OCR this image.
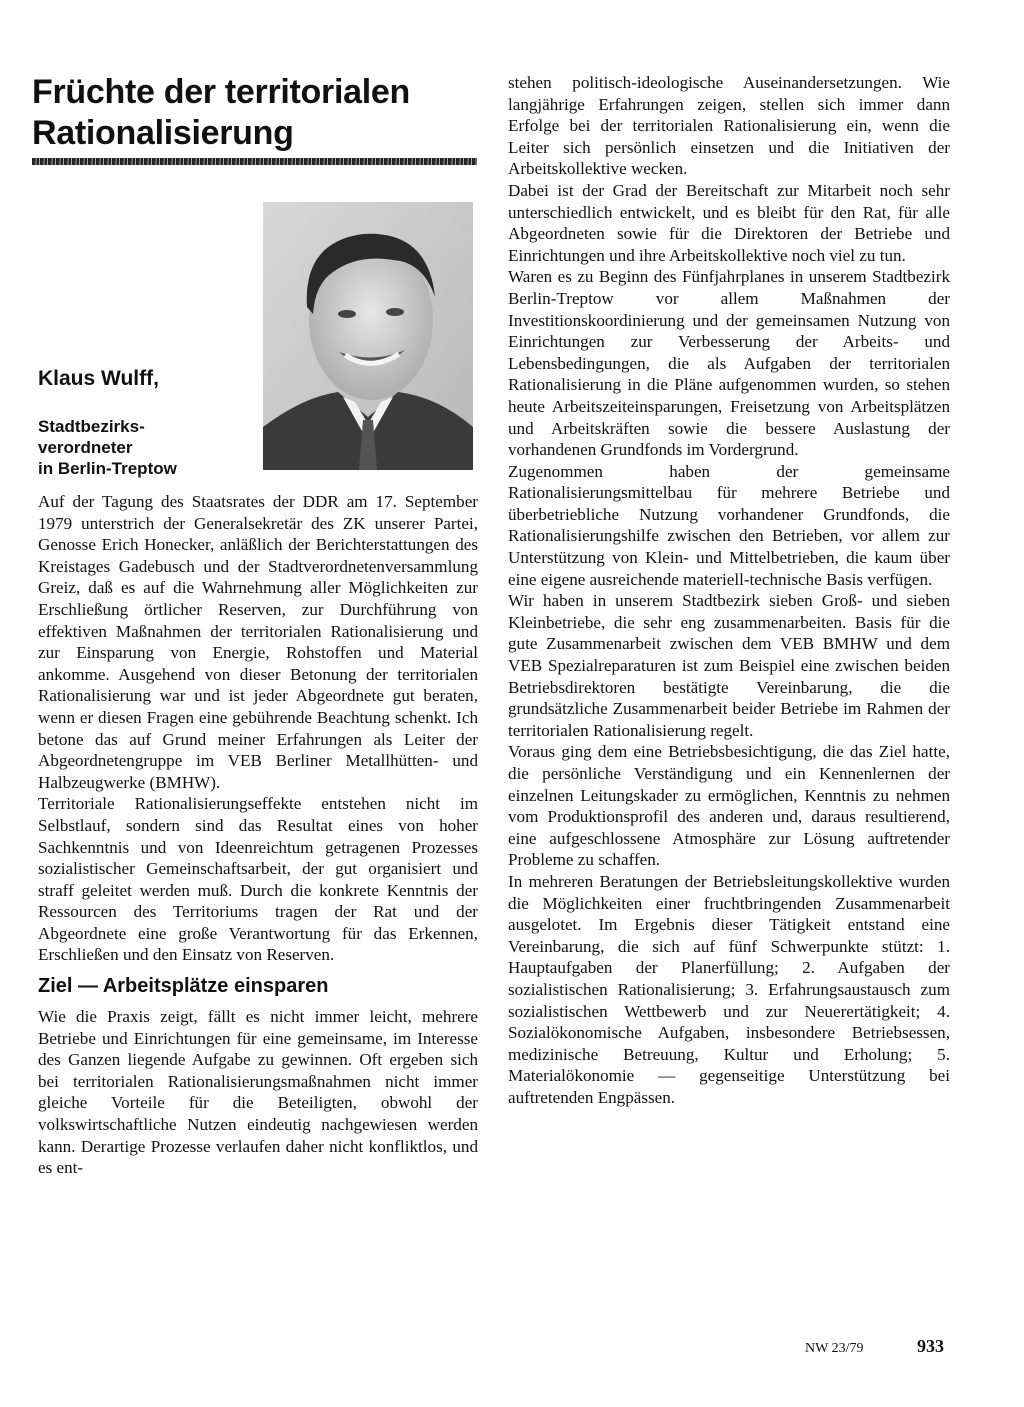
Früchte der territorialen
Rationalisierung

Klaus Wulff,

Stadtbezirks-
verordneter
in Berlin-Treptow

Auf der Tagung des Staatsrates der DDR am 17. September 1979 unterstrich der Generalsekretär des ZK unserer Partei, Genosse Erich Honecker, anläßlich der Berichterstattungen des Kreistages Gadebusch und der Stadtverordnetenversammlung Greiz, daß es auf die Wahrnehmung aller Möglichkeiten zur Erschließung örtlicher Reserven, zur Durchführung von effektiven Maßnahmen der territorialen Rationalisierung und zur Einsparung von Energie, Rohstoffen und Material ankomme. Ausgehend von dieser Betonung der territorialen Rationalisierung war und ist jeder Abgeordnete gut beraten, wenn er diesen Fragen eine gebührende Beachtung schenkt. Ich betone das auf Grund meiner Erfahrungen als Leiter der Abgeordnetengruppe im VEB Berliner Metallhütten- und Halbzeugwerke (BMHW).

Territoriale Rationalisierungseffekte entstehen nicht im Selbstlauf, sondern sind das Resultat eines von hoher Sachkenntnis und von Ideenreichtum getragenen Prozesses sozialistischer Gemeinschaftsarbeit, der gut organisiert und straff geleitet werden muß. Durch die konkrete Kenntnis der Ressourcen des Territoriums tragen der Rat und der Abgeordnete eine große Verantwortung für das Erkennen, Erschließen und den Einsatz von Reserven.

Ziel — Arbeitsplätze einsparen

Wie die Praxis zeigt, fällt es nicht immer leicht, mehrere Betriebe und Einrichtungen für eine gemeinsame, im Interesse des Ganzen liegende Aufgabe zu gewinnen. Oft ergeben sich bei territorialen Rationalisierungsmaßnahmen nicht immer gleiche Vorteile für die Beteiligten, obwohl der volkswirtschaftliche Nutzen eindeutig nachgewiesen werden kann. Derartige Prozesse verlaufen daher nicht konfliktlos, und es ent-

stehen politisch-ideologische Auseinandersetzungen. Wie langjährige Erfahrungen zeigen, stellen sich immer dann Erfolge bei der territorialen Rationalisierung ein, wenn die Leiter sich persönlich einsetzen und die Initiativen der Arbeitskollektive wecken.

Dabei ist der Grad der Bereitschaft zur Mitarbeit noch sehr unterschiedlich entwickelt, und es bleibt für den Rat, für alle Abgeordneten sowie für die Direktoren der Betriebe und Einrichtungen und ihre Arbeitskollektive noch viel zu tun.

Waren es zu Beginn des Fünfjahrplanes in unserem Stadtbezirk Berlin-Treptow vor allem Maßnahmen der Investitionskoordinierung und der gemeinsamen Nutzung von Einrichtungen zur Verbesserung der Arbeits- und Lebensbedingungen, die als Aufgaben der territorialen Rationalisierung in die Pläne aufgenommen wurden, so stehen heute Arbeitszeiteinsparungen, Freisetzung von Arbeitsplätzen und Arbeitskräften sowie die bessere Auslastung der vorhandenen Grundfonds im Vordergrund.

Zugenommen haben der gemeinsame Rationalisierungsmittelbau für mehrere Betriebe und überbetriebliche Nutzung vorhandener Grundfonds, die Rationalisierungshilfe zwischen den Betrieben, vor allem zur Unterstützung von Klein- und Mittelbetrieben, die kaum über eine eigene ausreichende materiell-technische Basis verfügen.

Wir haben in unserem Stadtbezirk sieben Groß- und sieben Kleinbetriebe, die sehr eng zusammenarbeiten. Basis für die gute Zusammenarbeit zwischen dem VEB BMHW und dem VEB Spezialreparaturen ist zum Beispiel eine zwischen beiden Betriebsdirektoren bestätigte Vereinbarung, die die grundsätzliche Zusammenarbeit beider Betriebe im Rahmen der territorialen Rationalisierung regelt.

Voraus ging dem eine Betriebsbesichtigung, die das Ziel hatte, die persönliche Verständigung und ein Kennenlernen der einzelnen Leitungskader zu ermöglichen, Kenntnis zu nehmen vom Produktionsprofil des anderen und, daraus resultierend, eine aufgeschlossene Atmosphäre zur Lösung auftretender Probleme zu schaffen.

In mehreren Beratungen der Betriebsleitungskollektive wurden die Möglichkeiten einer fruchtbringenden Zusammenarbeit ausgelotet. Im Ergebnis dieser Tätigkeit entstand eine Vereinbarung, die sich auf fünf Schwerpunkte stützt: 1. Hauptaufgaben der Planerfüllung; 2. Aufgaben der sozialistischen Rationalisierung; 3. Erfahrungsaustausch zum sozialistischen Wettbewerb und zur Neuerertätigkeit; 4. Sozialökonomische Aufgaben, insbesondere Betriebsessen, medizinische Betreuung, Kultur und Erholung; 5. Materialökonomie — gegenseitige Unterstützung bei auftretenden Engpässen.

NW 23/79	933
